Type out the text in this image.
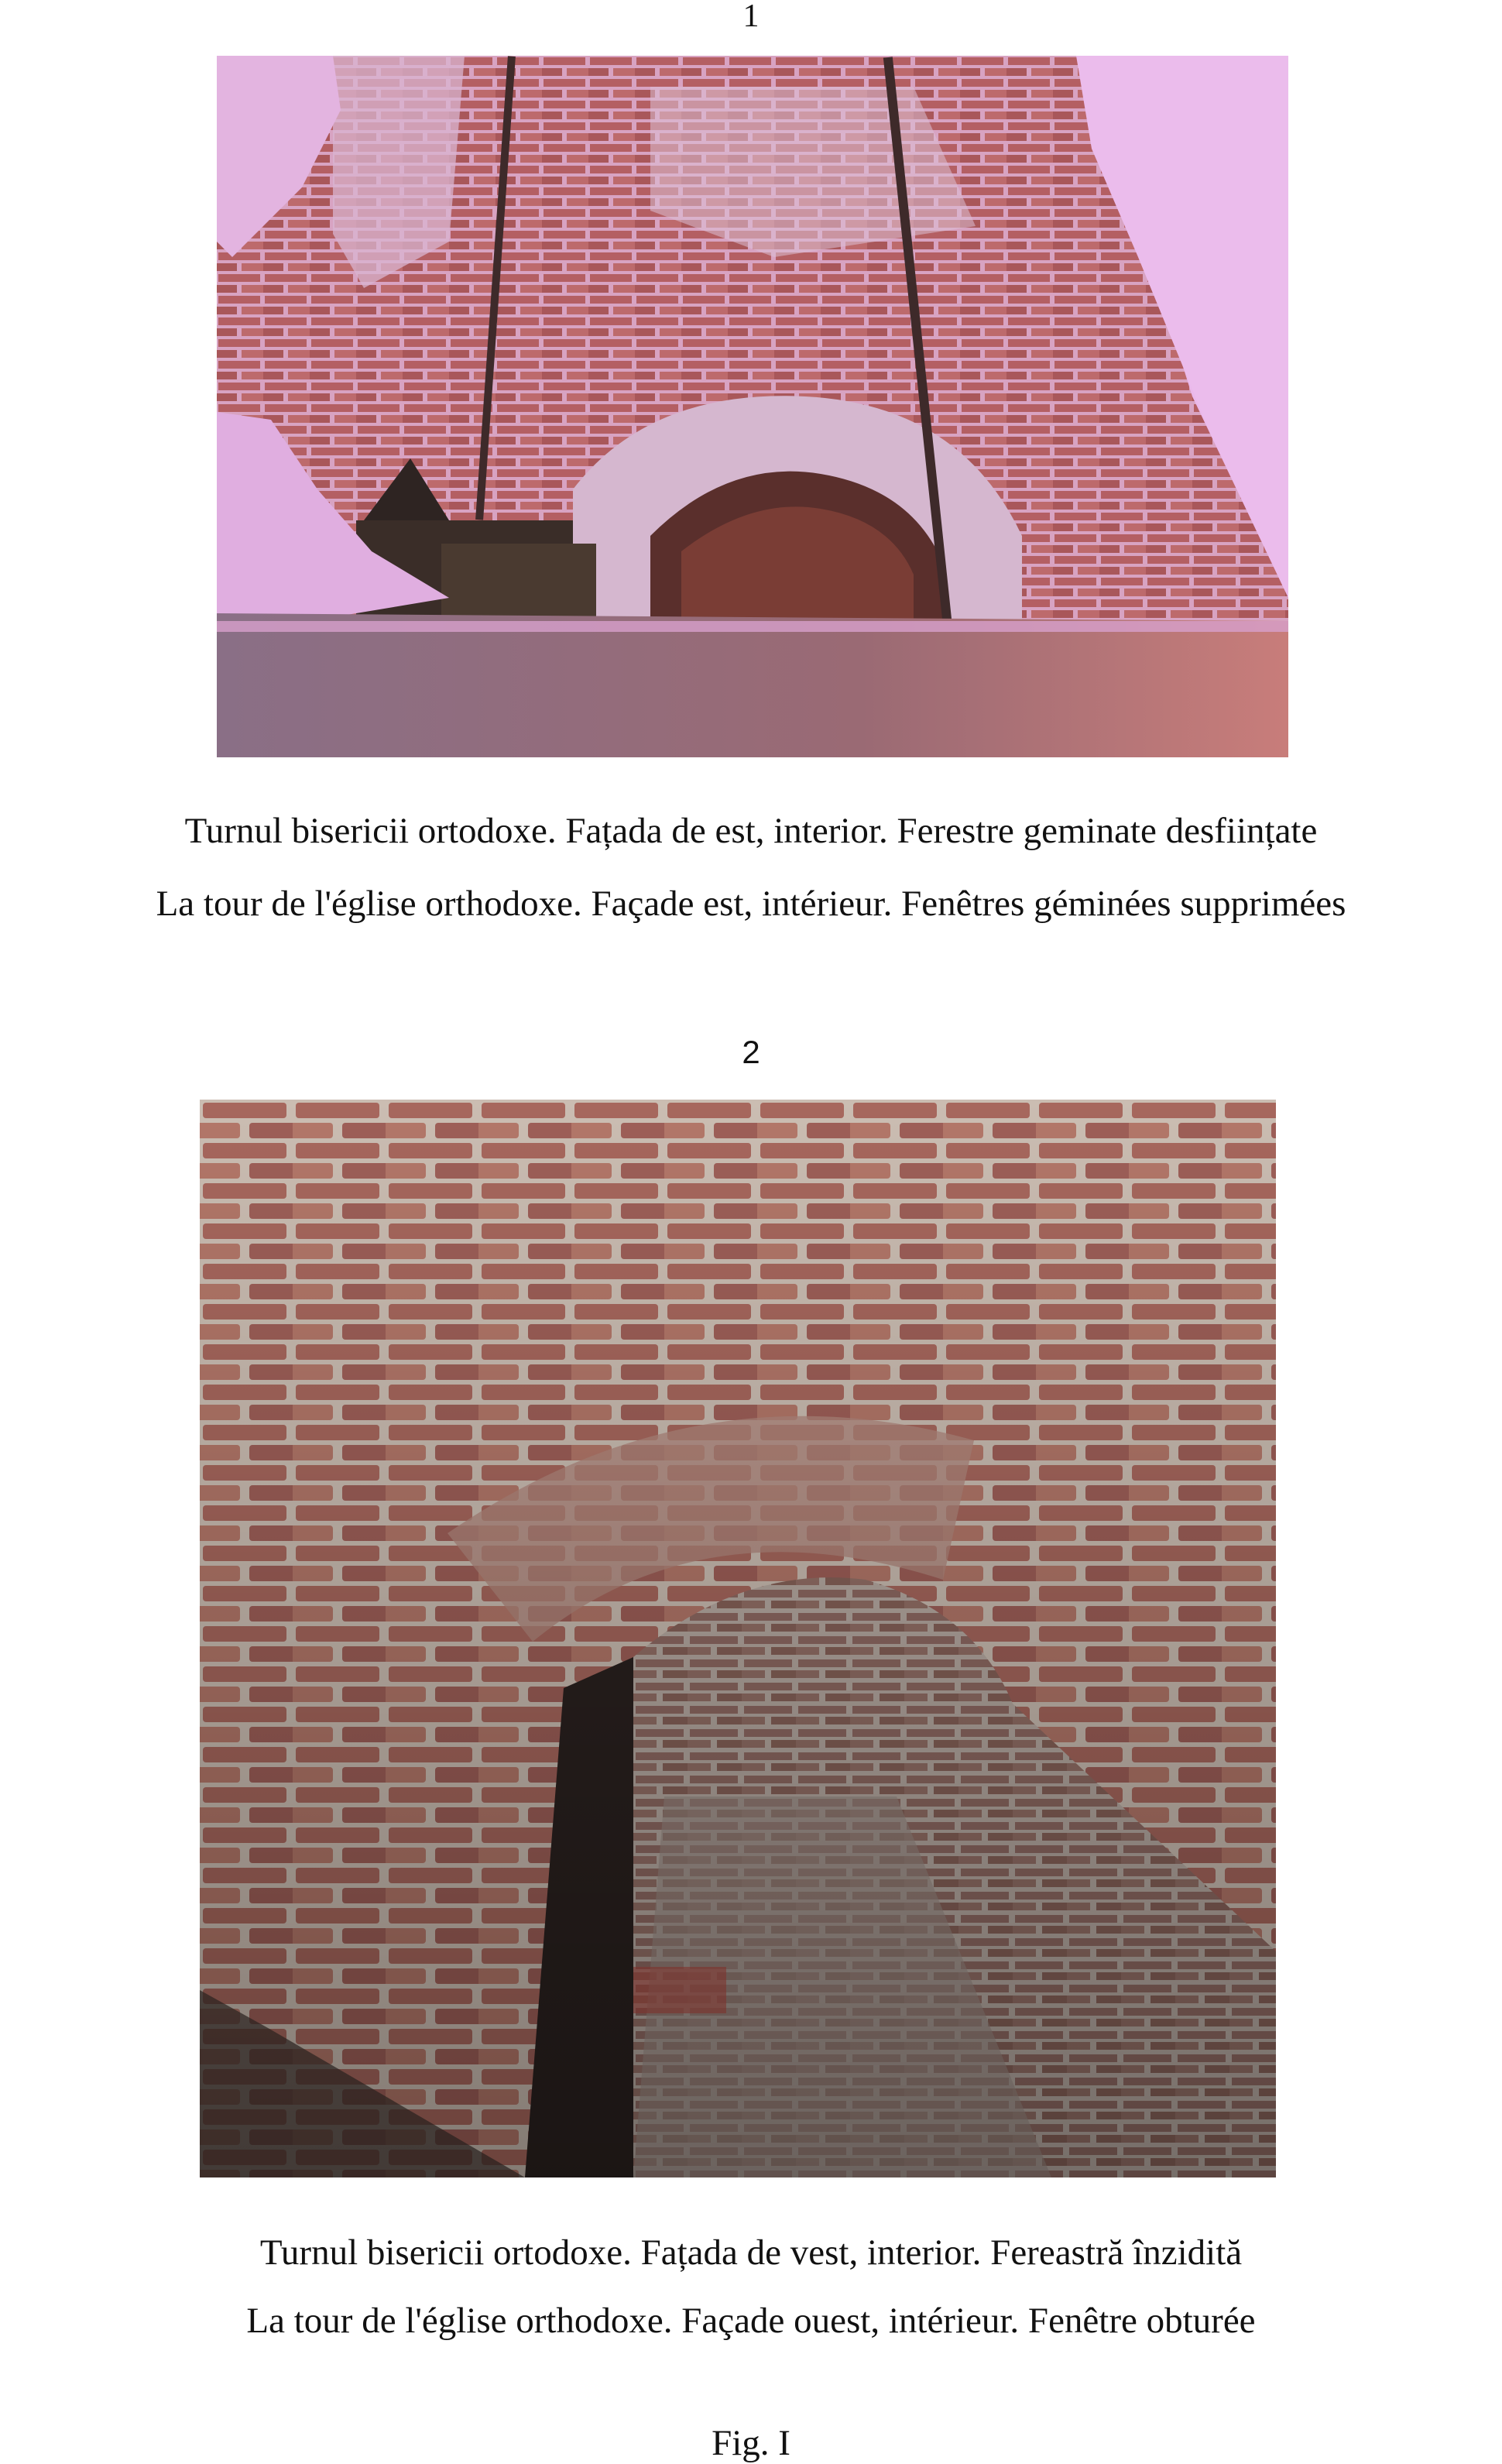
1
Turnul bisericii ortodoxe. Fațada de est, interior. Ferestre geminate desființate
La tour de l'église orthodoxe. Façade est, intérieur. Fenêtres géminées supprimées
2
Turnul bisericii ortodoxe. Fațada de vest, interior. Fereastră înzidită
La tour de l'église orthodoxe. Façade ouest, intérieur. Fenêtre obturée
Fig. I
